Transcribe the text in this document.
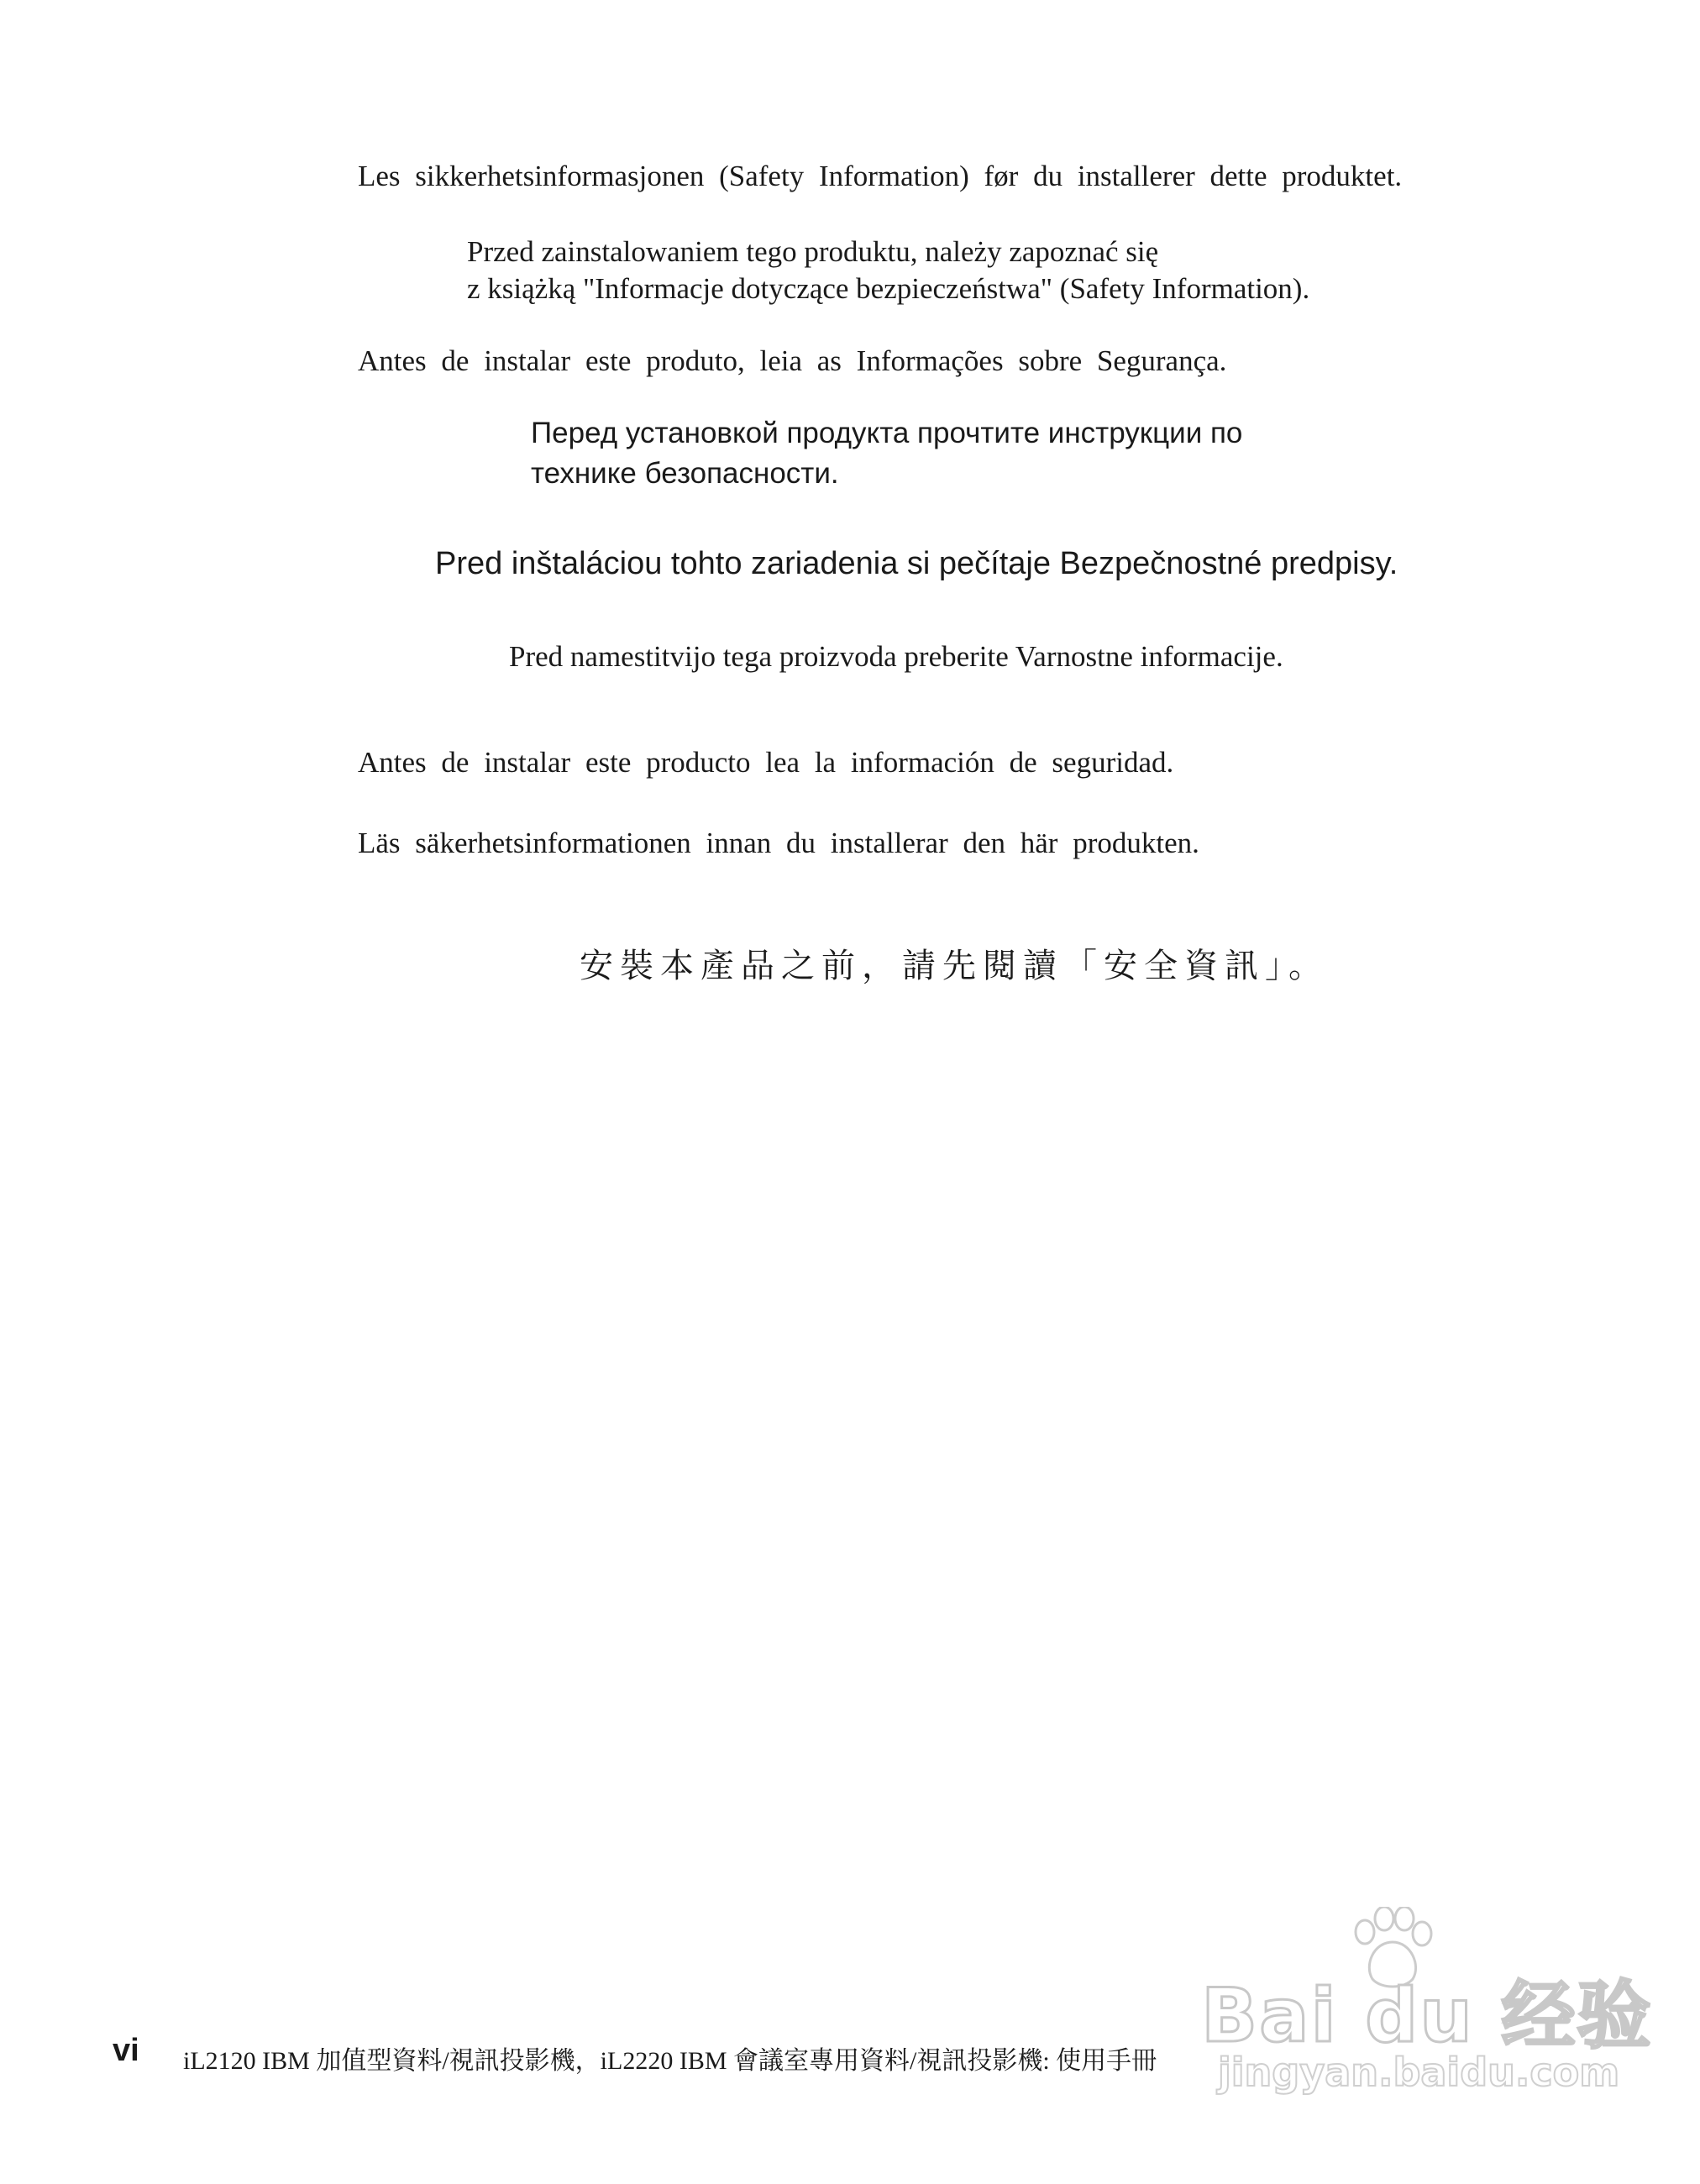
Les sikkerhetsinformasjonen (Safety Information) før du installerer dette produktet.
Przed zainstalowaniem tego produktu, należy zapoznać się
z książką "Informacje dotyczące bezpieczeństwa" (Safety Information).
Antes de instalar este produto, leia as Informações sobre Segurança.
Перед установкой продукта прочтите инструкции по
технике безопасности.
Pred inštaláciou tohto zariadenia si pečítaje Bezpečnostné predpisy.
Pred namestitvijo tega proizvoda preberite Varnostne informacije.
Antes de instalar este producto lea la información de seguridad.
Läs säkerhetsinformationen innan du installerar den här produkten.
安裝本產品之前，請先閱讀「安全資訊」。
vi iL2120 IBM 加值型資料/視訊投影機，iL2220 IBM 會議室專用資料/視訊投影機: 使用手冊
Bai du 经验
jingyan.baidu.com
